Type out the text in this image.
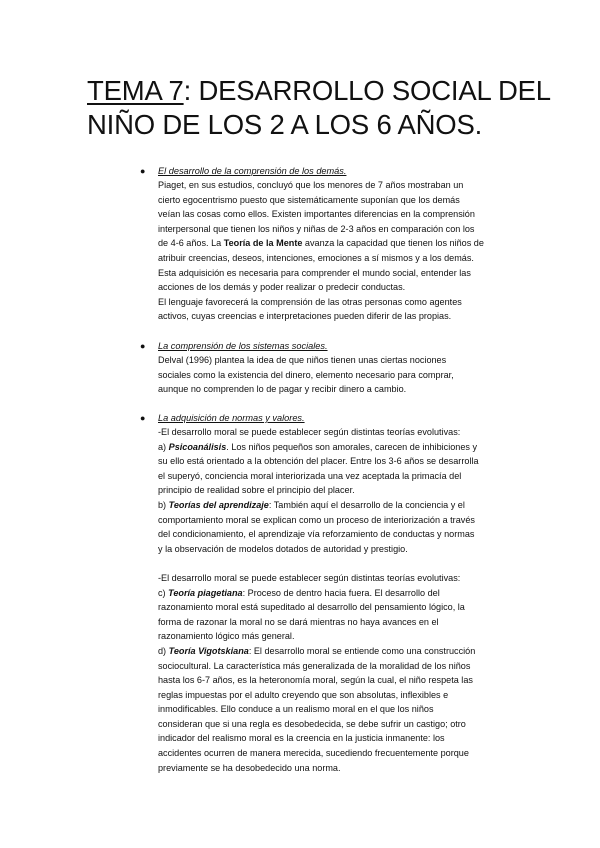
TEMA 7: DESARROLLO SOCIAL DEL
NIÑO DE LOS 2 A LOS 6 AÑOS.
● El desarrollo de la comprensión de los demás.
Piaget, en sus estudios, concluyó que los menores de 7 años mostraban un
cierto egocentrismo puesto que sistemáticamente suponían que los demás
veían las cosas como ellos. Existen importantes diferencias en la comprensión
interpersonal que tienen los niños y niñas de 2-3 años en comparación con los
de 4-6 años. La Teoría de la Mente avanza la capacidad que tienen los niños de
atribuir creencias, deseos, intenciones, emociones a sí mismos y a los demás.
Esta adquisición es necesaria para comprender el mundo social, entender las
acciones de los demás y poder realizar o predecir conductas.
El lenguaje favorecerá la comprensión de las otras personas como agentes
activos, cuyas creencias e interpretaciones pueden diferir de las propias.
● La comprensión de los sistemas sociales.
Delval (1996) plantea la idea de que niños tienen unas ciertas nociones
sociales como la existencia del dinero, elemento necesario para comprar,
aunque no comprenden lo de pagar y recibir dinero a cambio.
● La adquisición de normas y valores.
-El desarrollo moral se puede establecer según distintas teorías evolutivas:
a) Psicoanálisis. Los niños pequeños son amorales, carecen de inhibiciones y
su ello está orientado a la obtención del placer. Entre los 3-6 años se desarrolla
el superyó, conciencia moral interiorizada una vez aceptada la primacía del
principio de realidad sobre el principio del placer.
b) Teorías del aprendizaje: También aquí el desarrollo de la conciencia y el
comportamiento moral se explican como un proceso de interiorización a través
del condicionamiento, el aprendizaje vía reforzamiento de conductas y normas
y la observación de modelos dotados de autoridad y prestigio.
-El desarrollo moral se puede establecer según distintas teorías evolutivas:
c) Teoría piagetiana: Proceso de dentro hacia fuera. El desarrollo del
razonamiento moral está supeditado al desarrollo del pensamiento lógico, la
forma de razonar la moral no se dará mientras no haya avances en el
razonamiento lógico más general.
d) Teoría Vigotskiana: El desarrollo moral se entiende como una construcción
sociocultural. La característica más generalizada de la moralidad de los niños
hasta los 6-7 años, es la heteronomía moral, según la cual, el niño respeta las
reglas impuestas por el adulto creyendo que son absolutas, inflexibles e
inmodificables. Ello conduce a un realismo moral en el que los niños
consideran que si una regla es desobedecida, se debe sufrir un castigo; otro
indicador del realismo moral es la creencia en la justicia inmanente: los
accidentes ocurren de manera merecida, sucediendo frecuentemente porque
previamente se ha desobedecido una norma.
